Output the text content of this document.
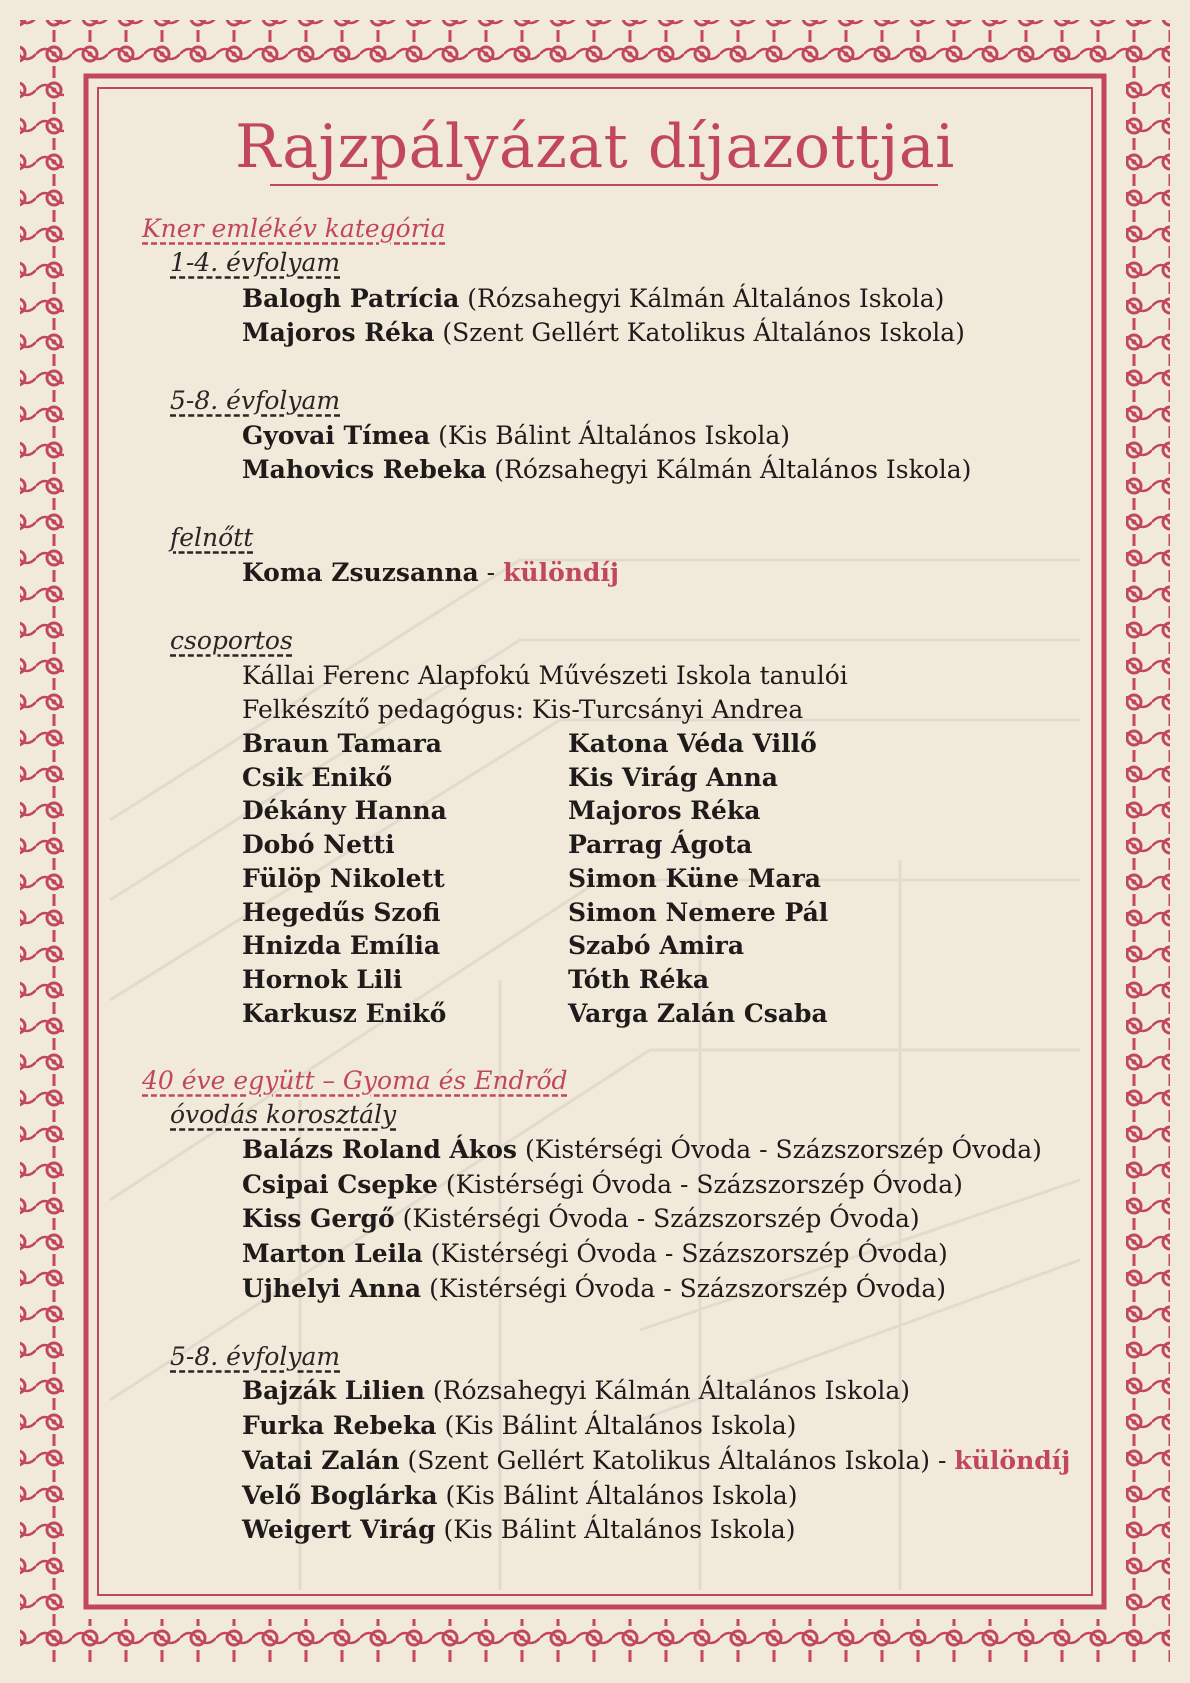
Rajzpályázat díjazottjai
Kner emlékév kategória
1-4. évfolyam
Balogh Patrícia (Rózsahegyi Kálmán Általános Iskola)
Majoros Réka (Szent Gellért Katolikus Általános Iskola)
5-8. évfolyam
Gyovai Tímea (Kis Bálint Általános Iskola)
Mahovics Rebeka (Rózsahegyi Kálmán Általános Iskola)
felnőtt
Koma Zsuzsanna - különdíj
csoportos
Kállai Ferenc Alapfokú Művészeti Iskola tanulói
Felkészítő pedagógus: Kis-Turcsányi Andrea
Braun Tamara
Csik Enikő
Dékány Hanna
Dobó Netti
Fülöp Nikolett
Hegedűs Szofi
Hnizda Emília
Hornok Lili
Karkusz Enikő
Katona Véda Villő
Kis Virág Anna
Majoros Réka
Parrag Ágota
Simon Küne Mara
Simon Nemere Pál
Szabó Amira
Tóth Réka
Varga Zalán Csaba
40 éve együtt – Gyoma és Endrőd
óvodás korosztály
Balázs Roland Ákos (Kistérségi Óvoda - Százszorszép Óvoda)
Csipai Csepke (Kistérségi Óvoda - Százszorszép Óvoda)
Kiss Gergő (Kistérségi Óvoda - Százszorszép Óvoda)
Marton Leila (Kistérségi Óvoda - Százszorszép Óvoda)
Ujhelyi Anna (Kistérségi Óvoda - Százszorszép Óvoda)
5-8. évfolyam
Bajzák Lilien (Rózsahegyi Kálmán Általános Iskola)
Furka Rebeka (Kis Bálint Általános Iskola)
Vatai Zalán (Szent Gellért Katolikus Általános Iskola) - különdíj
Velő Boglárka (Kis Bálint Általános Iskola)
Weigert Virág (Kis Bálint Általános Iskola)
